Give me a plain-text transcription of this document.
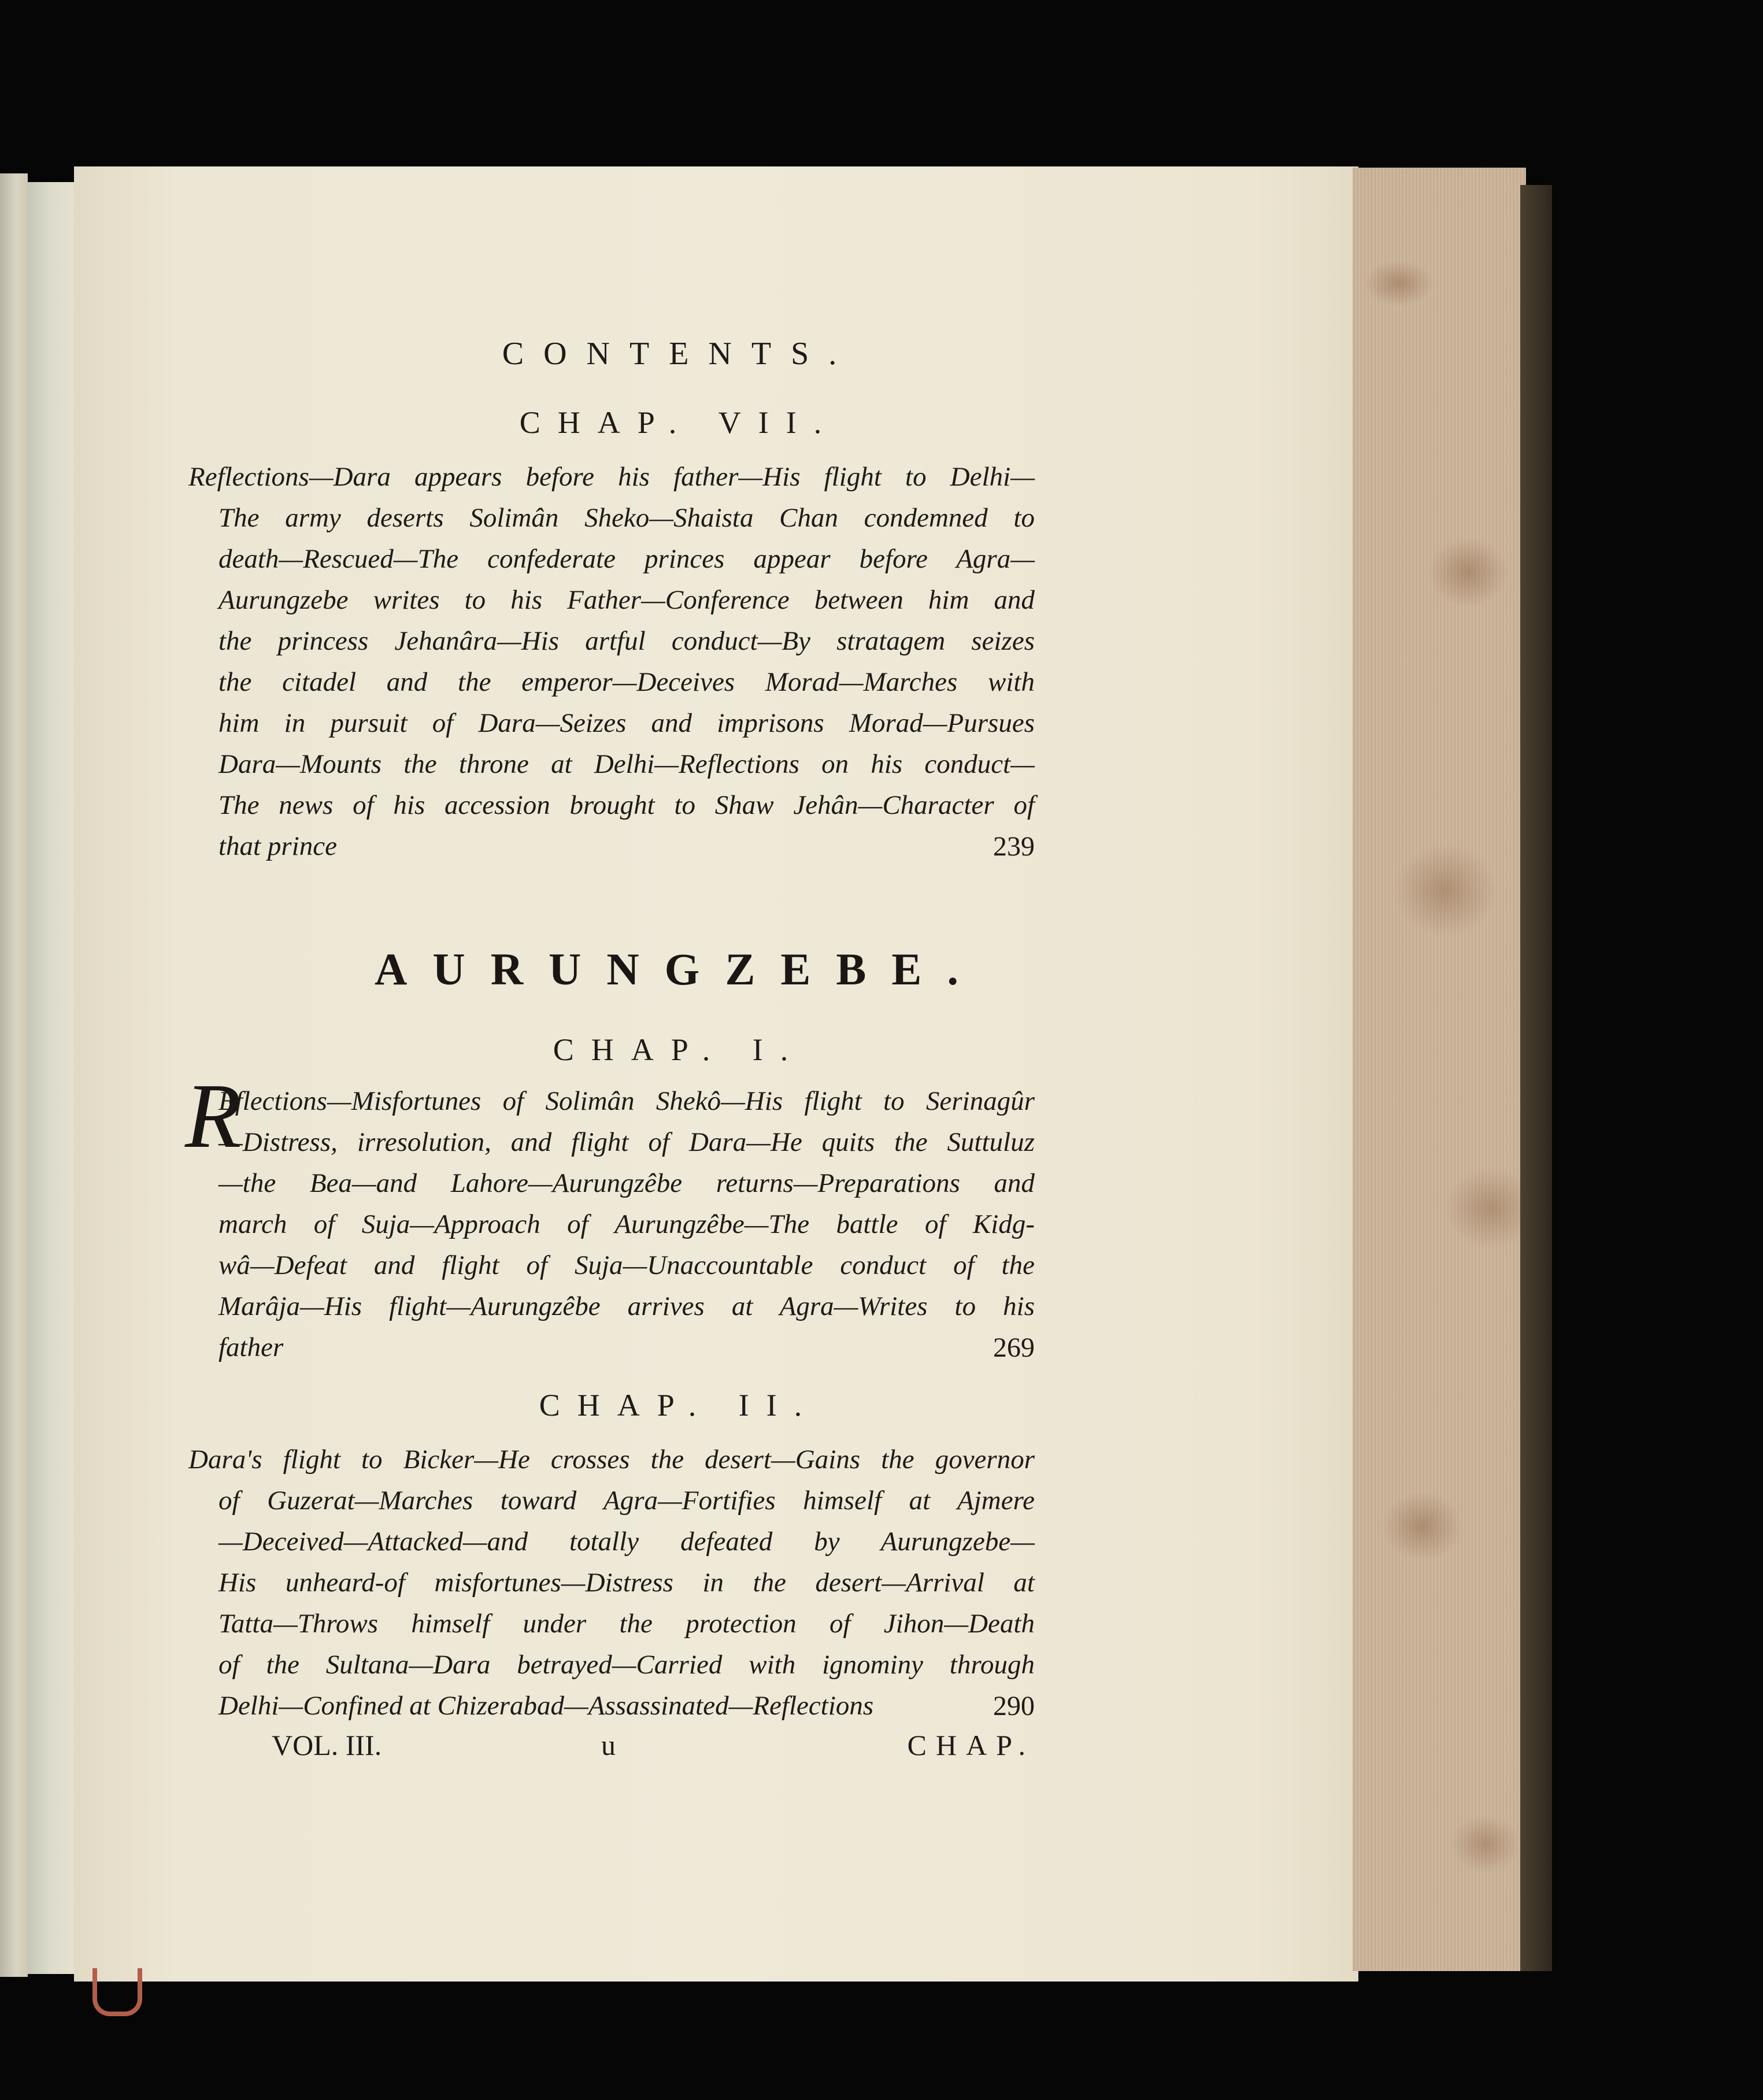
CONTENTS.
CHAP. VII.
Reflections—Dara appears before his father—His flight to Delhi—
The army deserts Solimân Sheko—Shaista Chan condemned to
death—Rescued—The confederate princes appear before Agra—
Aurungzebe writes to his Father—Conference between him and
the princess Jehanâra—His artful conduct—By stratagem seizes
the citadel and the emperor—Deceives Morad—Marches with
him in pursuit of Dara—Seizes and imprisons Morad—Pursues
Dara—Mounts the throne at Delhi—Reflections on his conduct—
The news of his accession brought to Shaw Jehân—Character of
that prince	239
AURUNGZEBE.
CHAP. I.
R
Eflections—Misfortunes of Solimân Shekô—His flight to Serinagûr
—Distress, irresolution, and flight of Dara—He quits the Suttuluz
—the Bea—and Lahore—Aurungzêbe returns—Preparations and
march of Suja—Approach of Aurungzêbe—The battle of Kidg-
wâ—Defeat and flight of Suja—Unaccountable conduct of the
Marâja—His flight—Aurungzêbe arrives at Agra—Writes to his
father	269
CHAP. II.
Dara's flight to Bicker—He crosses the desert—Gains the governor
of Guzerat—Marches toward Agra—Fortifies himself at Ajmere
—Deceived—Attacked—and totally defeated by Aurungzebe—
His unheard-of misfortunes—Distress in the desert—Arrival at
Tatta—Throws himself under the protection of Jihon—Death
of the Sultana—Dara betrayed—Carried with ignominy through
Delhi—Confined at Chizerabad—Assassinated—Reflections	290
VOL. III.	u	CHAP.
